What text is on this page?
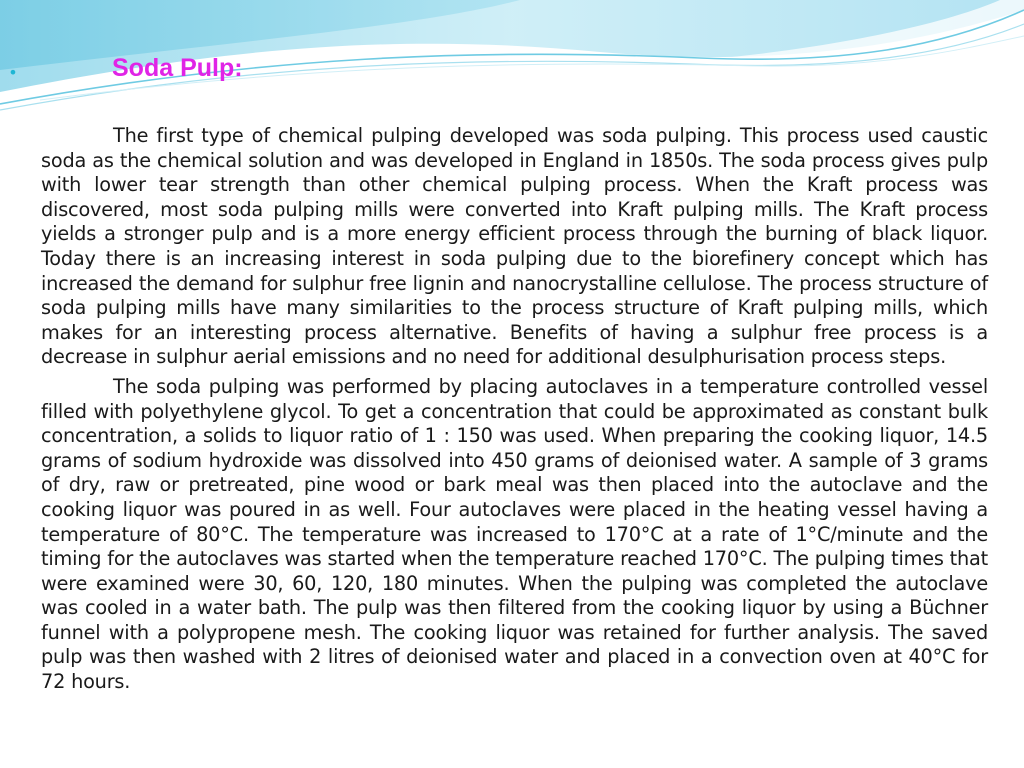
•	Soda Pulp:

The first type of chemical pulping developed was soda pulping. This process used caustic soda as the chemical solution and was developed in England in 1850s. The soda process gives pulp with lower tear strength than other chemical pulping process. When the Kraft process was discovered, most soda pulping mills were converted into Kraft pulping mills. The Kraft process yields a stronger pulp and is a more energy efficient process through the burning of black liquor. Today there is an increasing interest in soda pulping due to the biorefinery concept which has increased the demand for sulphur free lignin and nanocrystalline cellulose. The process structure of soda pulping mills have many similarities to the process structure of Kraft pulping mills, which makes for an interesting process alternative. Benefits of having a sulphur free process is a decrease in sulphur aerial emissions and no need for additional desulphurisation process steps.

The soda pulping was performed by placing autoclaves in a temperature controlled vessel filled with polyethylene glycol. To get a concentration that could be approximated as constant bulk concentration, a solids to liquor ratio of 1 : 150 was used. When preparing the cooking liquor, 14.5 grams of sodium hydroxide was dissolved into 450 grams of deionised water. A sample of 3 grams of dry, raw or pretreated, pine wood or bark meal was then placed into the autoclave and the cooking liquor was poured in as well. Four autoclaves were placed in the heating vessel having a temperature of 80°C. The temperature was increased to 170°C at a rate of 1°C/minute and the timing for the autoclaves was started when the temperature reached 170°C. The pulping times that were examined were 30, 60, 120, 180 minutes. When the pulping was completed the autoclave was cooled in a water bath. The pulp was then filtered from the cooking liquor by using a Büchner funnel with a polypropene mesh. The cooking liquor was retained for further analysis. The saved pulp was then washed with 2 litres of deionised water and placed in a convection oven at 40°C for 72 hours.
